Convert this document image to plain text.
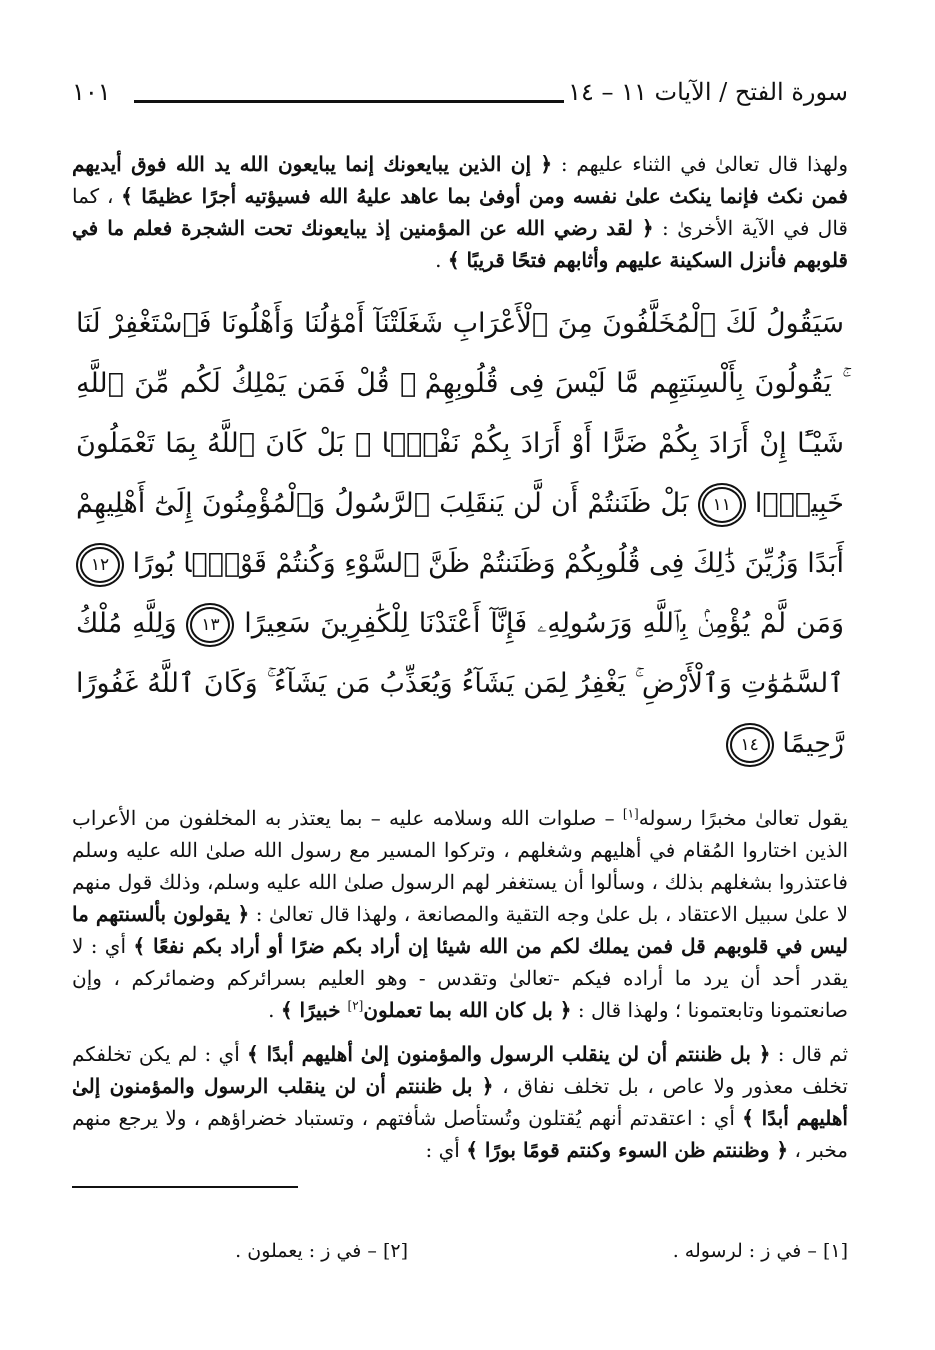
سورة الفتح / الآيات ١١ – ١٤
١٠١

ولهذا قال تعالىٰ في الثناء عليهم : ﴿ إن الذين يبايعونك إنما يبايعون الله يد الله فوق أيديهم فمن نكث فإنما ينكث علىٰ نفسه ومن أوفىٰ بما عاهد عليهُ الله فسيؤتيه أجرًا عظيمًا ﴾ ، كما قال في الآية الأخرىٰ : ﴿ لقد رضي الله عن المؤمنين إذ يبايعونك تحت الشجرة فعلم ما في قلوبهم فأنزل السكينة عليهم وأثابهم فتحًا قريبًا ﴾ .

سَيَقُولُ لَكَ ٱلْمُخَلَّفُونَ مِنَ ٱلْأَعْرَابِ شَغَلَتْنَآ أَمْوَٰلُنَا وَأَهْلُونَا فَٱسْتَغْفِرْ لَنَا ۚ يَقُولُونَ بِأَلْسِنَتِهِم مَّا لَيْسَ فِى قُلُوبِهِمْ ۚ قُلْ فَمَن يَمْلِكُ لَكُم مِّنَ ٱللَّهِ شَيْـًٔا إِنْ أَرَادَ بِكُمْ ضَرًّا أَوْ أَرَادَ بِكُمْ نَفْعًۢا ۚ بَلْ كَانَ ٱللَّهُ بِمَا تَعْمَلُونَ خَبِيرًۢا ١١ بَلْ ظَنَنتُمْ أَن لَّن يَنقَلِبَ ٱلرَّسُولُ وَٱلْمُؤْمِنُونَ إِلَىٰٓ أَهْلِيهِمْ أَبَدًا وَزُيِّنَ ذَٰلِكَ فِى قُلُوبِكُمْ وَظَنَنتُمْ ظَنَّ ٱلسَّوْءِ وَكُنتُمْ قَوْمًۢا بُورًا ١٢ وَمَن لَّمْ يُؤْمِنۢ بِٱللَّهِ وَرَسُولِهِۦ فَإِنَّآ أَعْتَدْنَا لِلْكَٰفِرِينَ سَعِيرًا ١٣ وَلِلَّهِ مُلْكُ ٱلسَّمَٰوَٰتِ وَٱلْأَرْضِ ۚ يَغْفِرُ لِمَن يَشَآءُ وَيُعَذِّبُ مَن يَشَآءُ ۚ وَكَانَ ٱللَّهُ غَفُورًا رَّحِيمًا ١٤

يقول تعالىٰ مخبرًا رسوله[١] – صلوات الله وسلامه عليه – بما يعتذر به المخلفون من الأعراب الذين اختاروا المُقام في أهليهم وشغلهم ، وتركوا المسير مع رسول الله صلىٰ الله عليه وسلم فاعتذروا بشغلهم بذلك ، وسألوا أن يستغفر لهم الرسول صلىٰ الله عليه وسلم، وذلك قول منهم لا علىٰ سبيل الاعتقاد ، بل علىٰ وجه التقية والمصانعة ، ولهذا قال تعالىٰ : ﴿ يقولون بألسنتهم ما ليس في قلوبهم قل فمن يملك لكم من الله شيئا إن أراد بكم ضرًا أو أراد بكم نفعًا ﴾ أي : لا يقدر أحد أن يرد ما أراده فيكم -تعالىٰ وتقدس - وهو العليم بسرائركم وضمائركم ، وإن صانعتمونا وتابعتمونا ؛ ولهذا قال : ﴿ بل كان الله بما تعملون[٢] خبيرًا ﴾ .

ثم قال : ﴿ بل ظننتم أن لن ينقلب الرسول والمؤمنون إلىٰ أهليهم أبدًا ﴾ أي : لم يكن تخلفكم تخلف معذور ولا عاص ، بل تخلف نفاق ، ﴿ بل ظننتم أن لن ينقلب الرسول والمؤمنون إلىٰ أهليهم أبدًا ﴾ أي : اعتقدتم أنهم يُقتلون وتُستأصل شأفتهم ، وتستباد خضراؤهم ، ولا يرجع منهم مخبر ، ﴿ وظننتم ظن السوء وكنتم قومًا بورًا ﴾ أي :

[١] – في ز : لرسوله .
[٢] – في ز : يعملون .
